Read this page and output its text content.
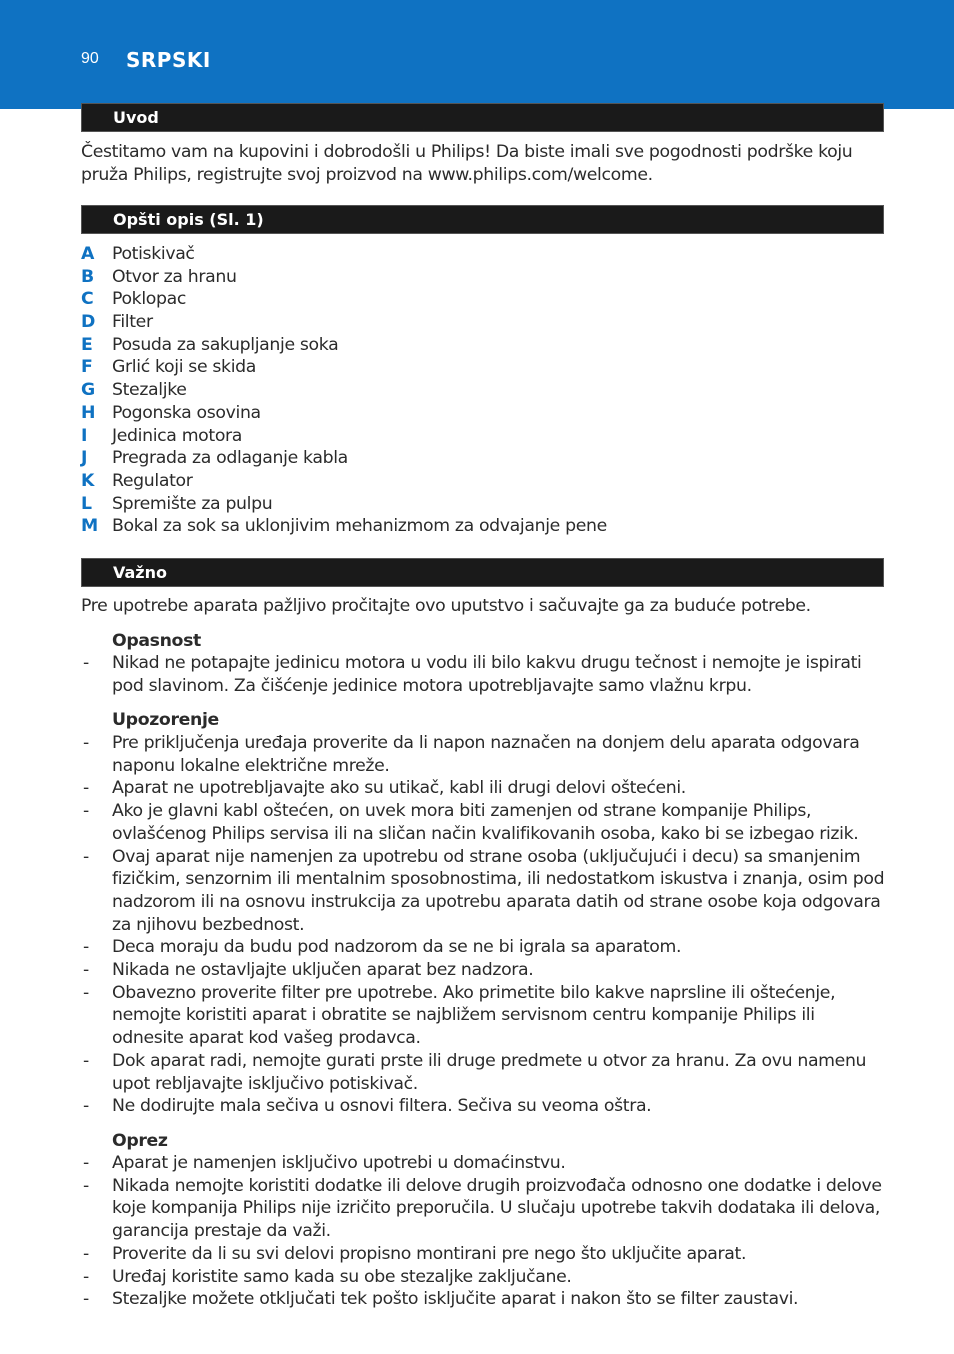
90 SRPSKI
Uvod
Čestitamo vam na kupovini i dobrodošli u Philips! Da biste imali sve pogodnosti podrške koju pruža Philips, registrujte svoj proizvod na www.philips.com/welcome.
Opšti opis (Sl. 1)
A Potiskivač
B Otvor za hranu
C Poklopac
D Filter
E Posuda za sakupljanje soka
F Grlić koji se skida
G Stezaljke
H Pogonska osovina
I Jedinica motora
J Pregrada za odlaganje kabla
K Regulator
L Spremište za pulpu
M Bokal za sok sa uklonjivim mehanizmom za odvajanje pene
Važno
Pre upotrebe aparata pažljivo pročitajte ovo uputstvo i sačuvajte ga za buduće potrebe.
Opasnost
- Nikad ne potapajte jedinicu motora u vodu ili bilo kakvu drugu tečnost i nemojte je ispirati pod slavinom. Za čišćenje jedinice motora upotrebljavajte samo vlažnu krpu.
Upozorenje
- Pre priključenja uređaja proverite da li napon naznačen na donjem delu aparata odgovara naponu lokalne električne mreže.
- Aparat ne upotrebljavajte ako su utikač, kabl ili drugi delovi oštećeni.
- Ako je glavni kabl oštećen, on uvek mora biti zamenjen od strane kompanije Philips, ovlašćenog Philips servisa ili na sličan način kvalifikovanih osoba, kako bi se izbegao rizik.
- Ovaj aparat nije namenjen za upotrebu od strane osoba (uključujući i decu) sa smanjenim fizičkim, senzornim ili mentalnim sposobnostima, ili nedostatkom iskustva i znanja, osim pod nadzorom ili na osnovu instrukcija za upotrebu aparata datih od strane osobe koja odgovara za njihovu bezbednost.
- Deca moraju da budu pod nadzorom da se ne bi igrala sa aparatom.
- Nikada ne ostavljajte uključen aparat bez nadzora.
- Obavezno proverite filter pre upotrebe. Ako primetite bilo kakve naprsline ili oštećenje, nemojte koristiti aparat i obratite se najbližem servisnom centru kompanije Philips ili odnesite aparat kod vašeg prodavca.
- Dok aparat radi, nemojte gurati prste ili druge predmete u otvor za hranu. Za ovu namenu upot rebljavajte isključivo potiskivač.
- Ne dodirujte mala sečiva u osnovi filtera. Sečiva su veoma oštra.
Oprez
- Aparat je namenjen isključivo upotrebi u domaćinstvu.
- Nikada nemojte koristiti dodatke ili delove drugih proizvođača odnosno one dodatke i delove koje kompanija Philips nije izričito preporučila. U slučaju upotrebe takvih dodataka ili delova, garancija prestaje da važi.
- Proverite da li su svi delovi propisno montirani pre nego što uključite aparat.
- Uređaj koristite samo kada su obe stezaljke zaključane.
- Stezaljke možete otključati tek pošto isključite aparat i nakon što se filter zaustavi.
